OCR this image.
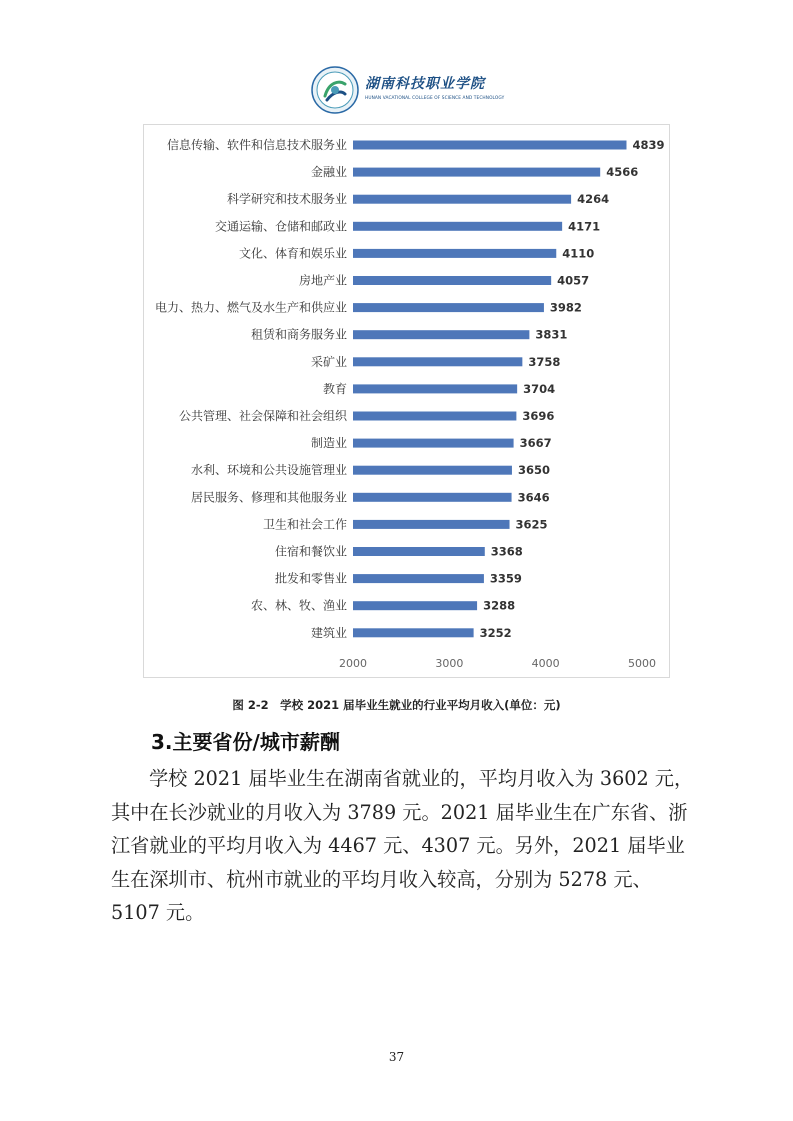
湖南科技职业学院
HUNAN VACATIONAL COLLEGE OF SCIENCE AND TECHNOLOGY
信息传输、软件和信息技术服务业	4839
金融业	4566
科学研究和技术服务业	4264
交通运输、仓储和邮政业	4171
文化、体育和娱乐业	4110
房地产业	4057
电力、热力、燃气及水生产和供应业	3982
租赁和商务服务业	3831
采矿业	3758
教育	3704
公共管理、社会保障和社会组织	3696
制造业	3667
水利、环境和公共设施管理业	3650
居民服务、修理和其他服务业	3646
卫生和社会工作	3625
住宿和餐饮业	3368
批发和零售业	3359
农、林、牧、渔业	3288
建筑业	3252
2000	3000	4000	5000
图 2-2　学校 2021 届毕业生就业的行业平均月收入(单位：元)
3.主要省份/城市薪酬

学校 2021 届毕业生在湖南省就业的，平均月收入为 3602 元，其中在长沙就业的月收入为 3789 元。2021 届毕业生在广东省、浙江省就业的平均月收入为 4467 元、4307 元。另外，2021 届毕业生在深圳市、杭州市就业的平均月收入较高，分别为 5278 元、5107 元。

37
